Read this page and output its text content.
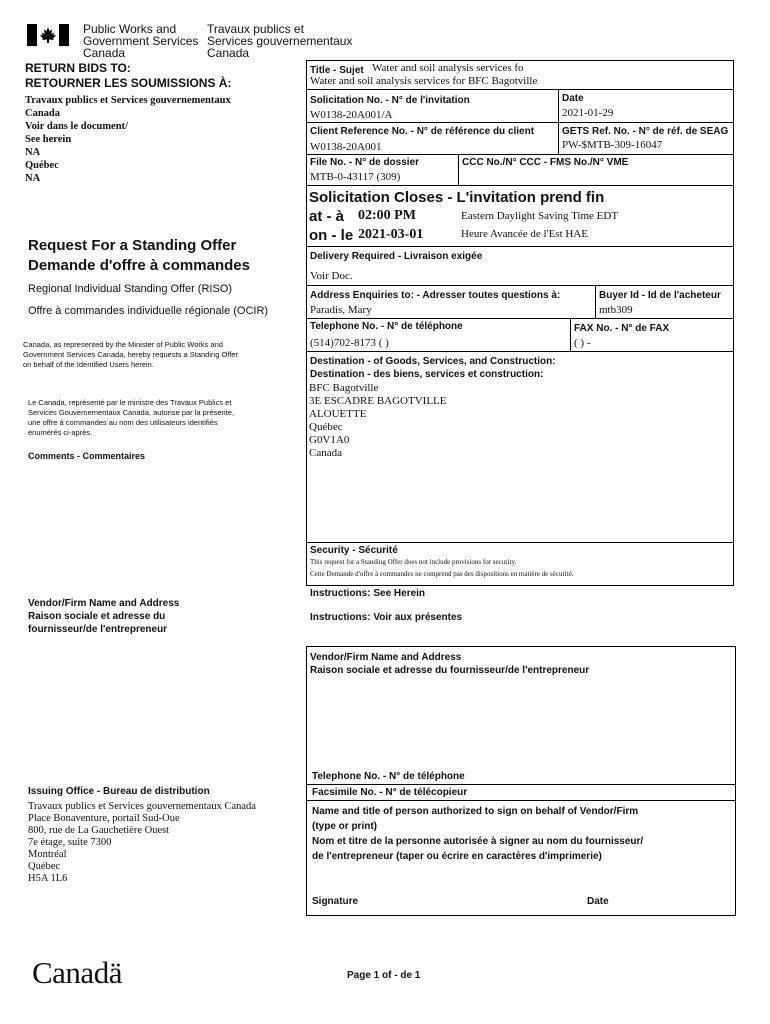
Public Works and
Government Services
Canada
Travaux publics et
Services gouvernementaux
Canada
RETURN BIDS TO:
RETOURNER LES SOUMISSIONS À:
Travaux publics et Services gouvernementaux
Canada
Voir dans le document/
See herein
NA
Québec
NA
Request For a Standing Offer
Demande d'offre à commandes
Regional Individual Standing Offer (RISO)
Offre à commandes individuelle régionale (OCIR)
Canada, as represented by the Minister of Public Works and
Government Services Canada, hereby requests a Standing Offer
on behalf of the Identified Users herein.
Le Canada, représenté par le ministre des Travaux Publics et
Services Gouvernementaux Canada, autorise par la présente,
une offre à commandes au nom des utilisateurs identifiés
énumérés ci-après.
Comments - Commentaires
Vendor/Firm Name and Address
Raison sociale et adresse du
fournisseur/de l'entrepreneur
Issuing Office - Bureau de distribution
Travaux publics et Services gouvernementaux Canada
Place Bonaventure, portail Sud-Oue
800, rue de La Gauchetière Ouest
7e étage, suite 7300
Montréal
Québec
H5A 1L6
Title - Sujet Water and soil analysis services fo
Water and soil analysis services for BFC Bagotville
Solicitation No. - N° de l'invitation
W0138-20A001/A
Date
2021-01-29
Client Reference No. - N° de référence du client
W0138-20A001
GETS Ref. No. - N° de réf. de SEAG
PW-$MTB-309-16047
File No. - N° de dossier
MTB-0-43117 (309)
CCC No./N° CCC - FMS No./N° VME
Solicitation Closes - L'invitation prend fin
at - à 02:00 PM	Eastern Daylight Saving Time EDT
on - le 2021-03-01	Heure Avancée de l'Est HAE
Delivery Required - Livraison exigée
Voir Doc.
Address Enquiries to: - Adresser toutes questions à:
Paradis, Mary
Buyer Id - Id de l'acheteur
mtb309
Telephone No. - N° de téléphone
(514)702-8173 ( )
FAX No. - N° de FAX
( ) -
Destination - of Goods, Services, and Construction:
Destination - des biens, services et construction:
BFC Bagotville
3E ESCADRE BAGOTVILLE
ALOUETTE
Québec
G0V1A0
Canada
Security - Sécurité
This request for a Standing Offer does not include provisions for security.
Cette Demande d'offre à commandes ne comprend pas des dispositions en matière de sécurité.
Instructions: See Herein
Instructions: Voir aux présentes
Vendor/Firm Name and Address
Raison sociale et adresse du fournisseur/de l'entrepreneur
Telephone No. - N° de téléphone
Facsimile No. - N° de télécopieur
Name and title of person authorized to sign on behalf of Vendor/Firm
(type or print)
Nom et titre de la personne autorisée à signer au nom du fournisseur/
de l'entrepreneur (taper ou écrire en caractères d'imprimerie)
Signature	Date
Canadä	Page 1 of - de 1
